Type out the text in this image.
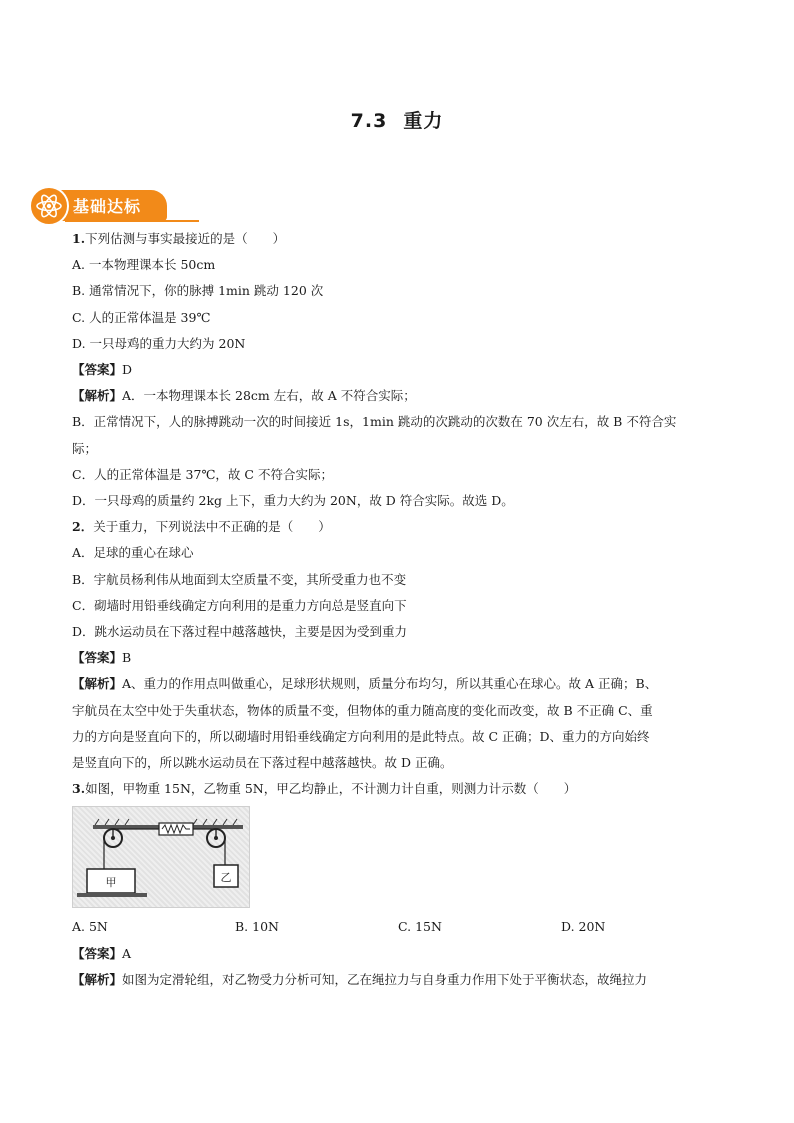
7.3 重力
基础达标

1.下列估测与事实最接近的是（　　）

A. 一本物理课本长 50cm

B. 通常情况下，你的脉搏 1min 跳动 120 次

C. 人的正常体温是 39℃

D. 一只母鸡的重力大约为 20N

【答案】D

【解析】A．一本物理课本长 28cm 左右，故 A 不符合实际；

B．正常情况下，人的脉搏跳动一次的时间接近 1s，1min 跳动的次跳动的次数在 70 次左右，故 B 不符合实

际；

C．人的正常体温是 37℃，故 C 不符合实际；

D．一只母鸡的质量约 2kg 上下，重力大约为 20N，故 D 符合实际。故选 D。

2．关于重力，下列说法中不正确的是（　　）

A．足球的重心在球心

B．宇航员杨利伟从地面到太空质量不变，其所受重力也不变

C．砌墙时用铅垂线确定方向利用的是重力方向总是竖直向下

D．跳水运动员在下落过程中越落越快，主要是因为受到重力

【答案】B

【解析】A、重力的作用点叫做重心，足球形状规则，质量分布均匀，所以其重心在球心。故 A 正确；B、

宇航员在太空中处于失重状态，物体的质量不变，但物体的重力随高度的变化而改变，故 B 不正确 C、重

力的方向是竖直向下的，所以砌墙时用铅垂线确定方向利用的是此特点。故 C 正确；D、重力的方向始终

是竖直向下的，所以跳水运动员在下落过程中越落越快。故 D 正确。

3.如图，甲物重 15N，乙物重 5N，甲乙均静止，不计测力计自重，则测力计示数（　　）

甲	乙
A. 5N	B. 10N	C. 15N	D. 20N

【答案】A

【解析】如图为定滑轮组，对乙物受力分析可知，乙在绳拉力与自身重力作用下处于平衡状态，故绳拉力
